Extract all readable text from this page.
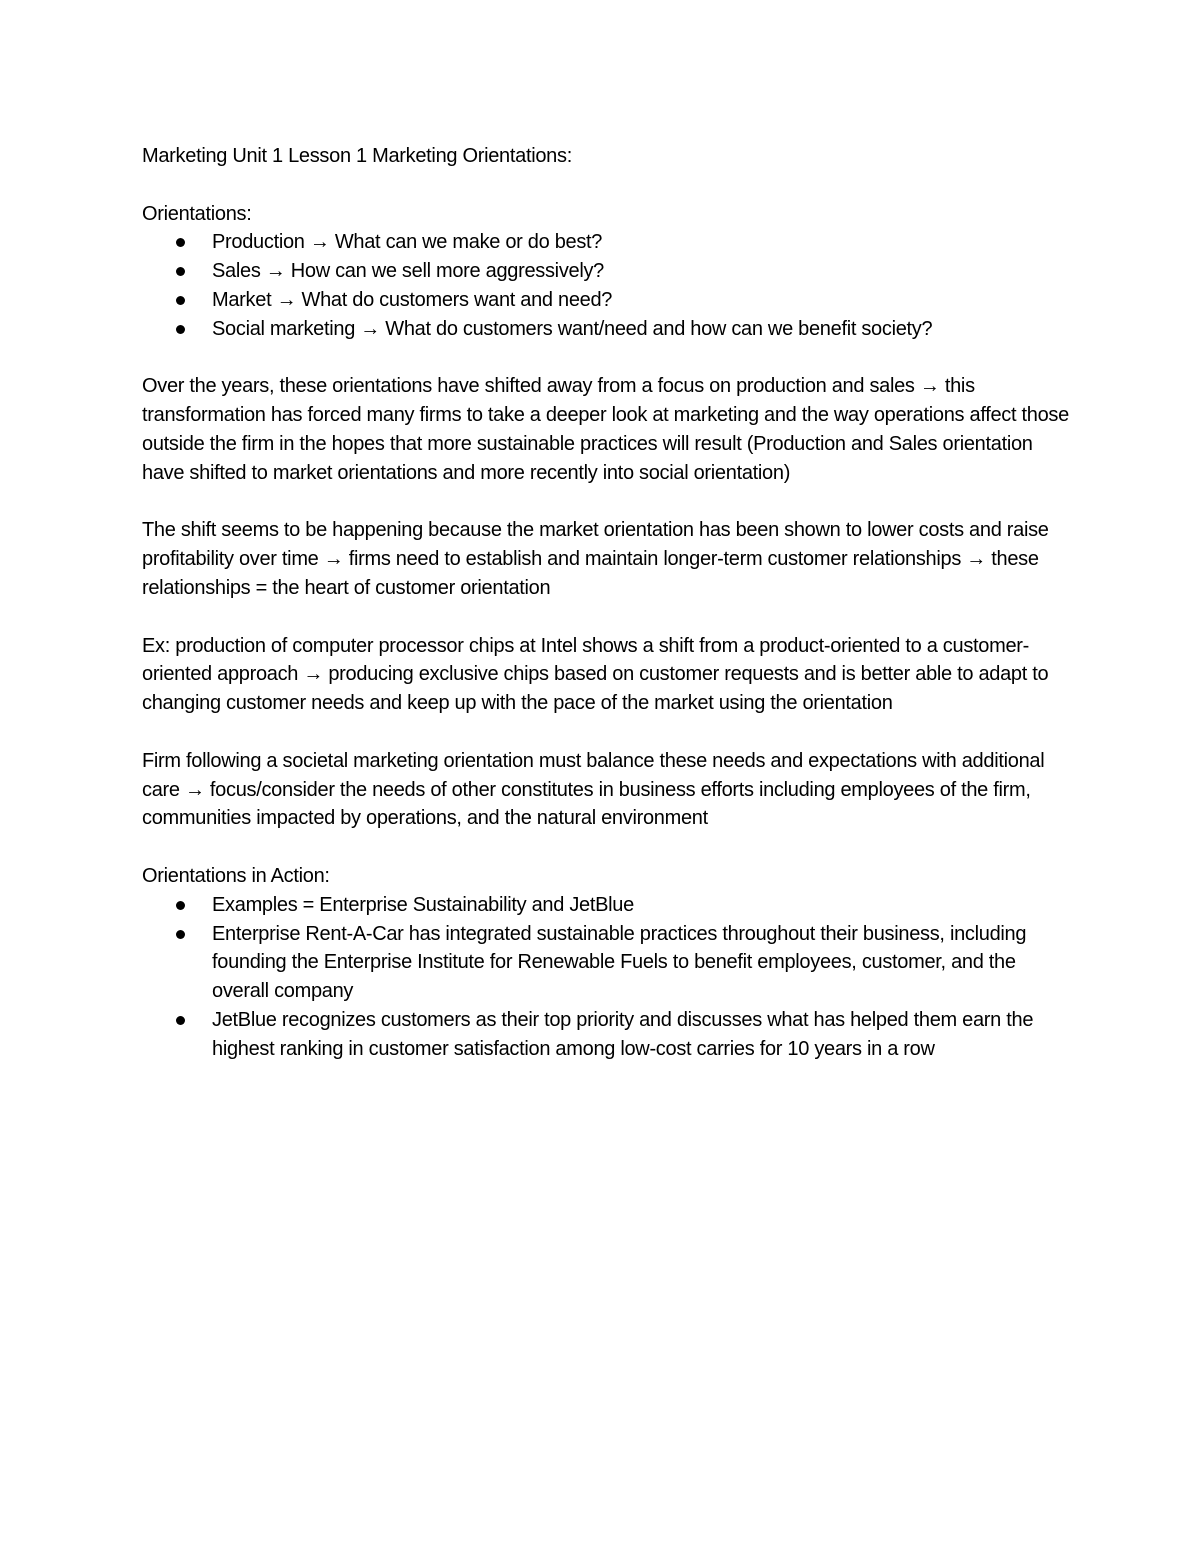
Marketing Unit 1 Lesson 1 Marketing Orientations:

Orientations:

Production → What can we make or do best?
Sales → How can we sell more aggressively?
Market → What do customers want and need?
Social marketing → What do customers want/need and how can we benefit society?

Over the years, these orientations have shifted away from a focus on production and sales → this transformation has forced many firms to take a deeper look at marketing and the way operations affect those outside the firm in the hopes that more sustainable practices will result (Production and Sales orientation have shifted to market orientations and more recently into social orientation)

The shift seems to be happening because the market orientation has been shown to lower costs and raise profitability over time → firms need to establish and maintain longer-term customer relationships → these relationships = the heart of customer orientation

Ex: production of computer processor chips at Intel shows a shift from a product-oriented to a customer-oriented approach → producing exclusive chips based on customer requests and is better able to adapt to changing customer needs and keep up with the pace of the market using the orientation

Firm following a societal marketing orientation must balance these needs and expectations with additional care → focus/consider the needs of other constitutes in business efforts including employees of the firm, communities impacted by operations, and the natural environment

Orientations in Action:

Examples = Enterprise Sustainability and JetBlue
Enterprise Rent-A-Car has integrated sustainable practices throughout their business, including founding the Enterprise Institute for Renewable Fuels to benefit employees, customer, and the overall company
JetBlue recognizes customers as their top priority and discusses what has helped them earn the highest ranking in customer satisfaction among low-cost carries for 10 years in a row
